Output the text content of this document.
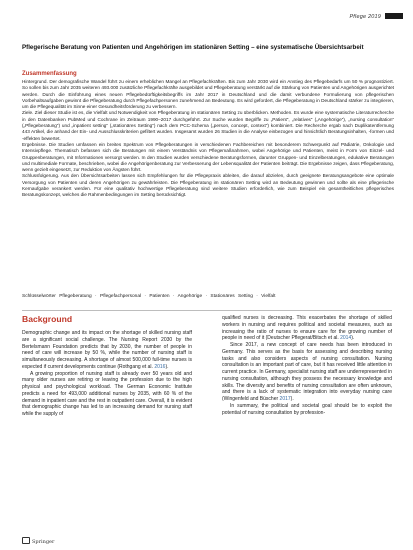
Pflege 2019
Pflegerische Beratung von Patienten und Angehörigen im stationären Setting – eine systematische Übersichtsarbeit
Zusammenfassung

Hintergrund. Der demografische Wandel führt zu einem erheblichen Mangel an Pflegefachkräften. Bis zum Jahr 2030 wird ein Anstieg des Pflegebedarfs um 50 % prognostiziert. So sollen bis zum Jahr 2035 weiteren 493.000 zusätzliche Pflegefachkräfte ausgebildet und Pflegeberatung verstärkt auf die Stärkung von Patienten und Angehörigen ausgerichtet werden. Durch die Einführung eines neuen Pflegebedürftigkeitsbegriffs im Jahr 2017 in Deutschland und die damit verbundene Formulierung von pflegerischen Vorbehaltsaufgaben gewinnt die Pflegeberatung durch Pflegefachpersonen zunehmend an Bedeutung. Es wird gefordert, die Pflegeberatung in Deutschland stärker zu integrieren, um die Pflegequalität im Sinne einer Gesundheitsförderung zu verbessern.

Ziele. Ziel dieser Studie ist es, die Vielfalt und Notwendigkeit von Pflegeberatung im stationären Setting zu überblicken. Methoden. Es wurde eine systematische Literaturrecherche in den Datenbanken PubMed und Cochrane im Zeitraum 1990–2017 durchgeführt. Zur Suche wurden Begriffe zu „Patient“, „relatives“ („Angehörige“), „nursing consultation“ („Pflegeberatung“) und „inpatient setting“ („stationäres Setting“) nach dem PCC-Schema („person, concept, context“) kombiniert. Die Recherche ergab nach Duplikatentfernung 443 Artikel, die anhand der Ein- und Ausschlusskriterien gefiltert wurden. Insgesamt wurden 26 Studien in die Analyse einbezogen und hinsichtlich Beratungsinhalten, -formen und -effekten bewertet.

Ergebnisse. Die Studien umfassen ein breites Spektrum von Pflegeberatungen in verschiedenen Fachbereichen mit besonderem Schwerpunkt auf Pädiatrie, Onkologie und Intensivpflege. Thematisch befassen sich die Beratungen mit einem Verständnis von Pflegemaßnahmen, wobei Angehörige und Patienten, meist in Form von Einzel- und Gruppenberatungen, mit Informationen versorgt werden. In den Studien wurden verschiedene Beratungsformen, darunter Gruppen- und Einzelberatungen, edukative Beratungen und multimediale Formate, beschrieben, wobei die Angehörigenberatung zur Verbesserung der Lebensqualität der Patienten beiträgt. Die Ergebnisse zeigen, dass Pflegeberatung, wenn gezielt eingesetzt, zur Reduktion von Ängsten führt.

Schlussfolgerung. Aus den Übersichtsarbeiten lassen sich Empfehlungen für die Pflegepraxis ableiten, die darauf abzielen, durch geeignete Beratungsangebote eine optimale Versorgung von Patienten und deren Angehörigen zu gewährleisten. Die Pflegeberatung im stationären Setting wird an Bedeutung gewinnen und sollte als eine pflegerische Kernaufgabe verankert werden. Für eine qualitativ hochwertige Pflegeberatung sind weitere Studien erforderlich, wie zum Beispiel ein gesamtheitliches pflegerisches Beratungskonzept, welches die Rahmenbedingungen im Setting berücksichtigt.

Schlüsselwörter Pflegeberatung · Pflegefachpersonal · Patienten · Angehörige · Stationäres Setting · Vielfalt
Background

Demographic change and its impact on the shortage of skilled nursing staff are a significant social challenge. The Nursing Report 2030 by the Bertelsmann Foundation predicts that by 2030, the number of people in need of care will increase by 50 %, while the number of nursing staff is simultaneously decreasing. A shortage of almost 500,000 full-time nurses is expected if current developments continue (Rothgang et al. 2016).

A growing proportion of nursing staff is already over 50 years old and many older nurses are retiring or leaving the profession due to the high physical and psychological workload. The German Economic Institute predicts a need for 493,000 additional nurses by 2035, with 60 % of the demand in inpatient care and the rest in outpatient care. Overall, it is evident that demographic change has led to an increasing demand for nursing staff while the supply of

qualified nurses is decreasing. This exacerbates the shortage of skilled workers in nursing and requires political and societal measures, such as increasing the ratio of nurses to ensure care for the growing number of people in need of it (Deutscher Pflegerat/Bitsch et al. 2014).

Since 2017, a new concept of care needs has been introduced in Germany. This serves as the basis for assessing and describing nursing tasks and also considers aspects of nursing consultation. Nursing consultation is an important part of care, but it has received little attention in current practice. In Germany, specialist nursing staff are underrepresented in nursing consultation, although they possess the necessary knowledge and skills. The diversity and benefits of nursing consultation are often unknown, and there is a lack of systematic integration into everyday nursing care (Wingenfeld and Büscher 2017).

In summary, the political and societal goal should be to exploit the potential of nursing consultation by profession-

Springer
